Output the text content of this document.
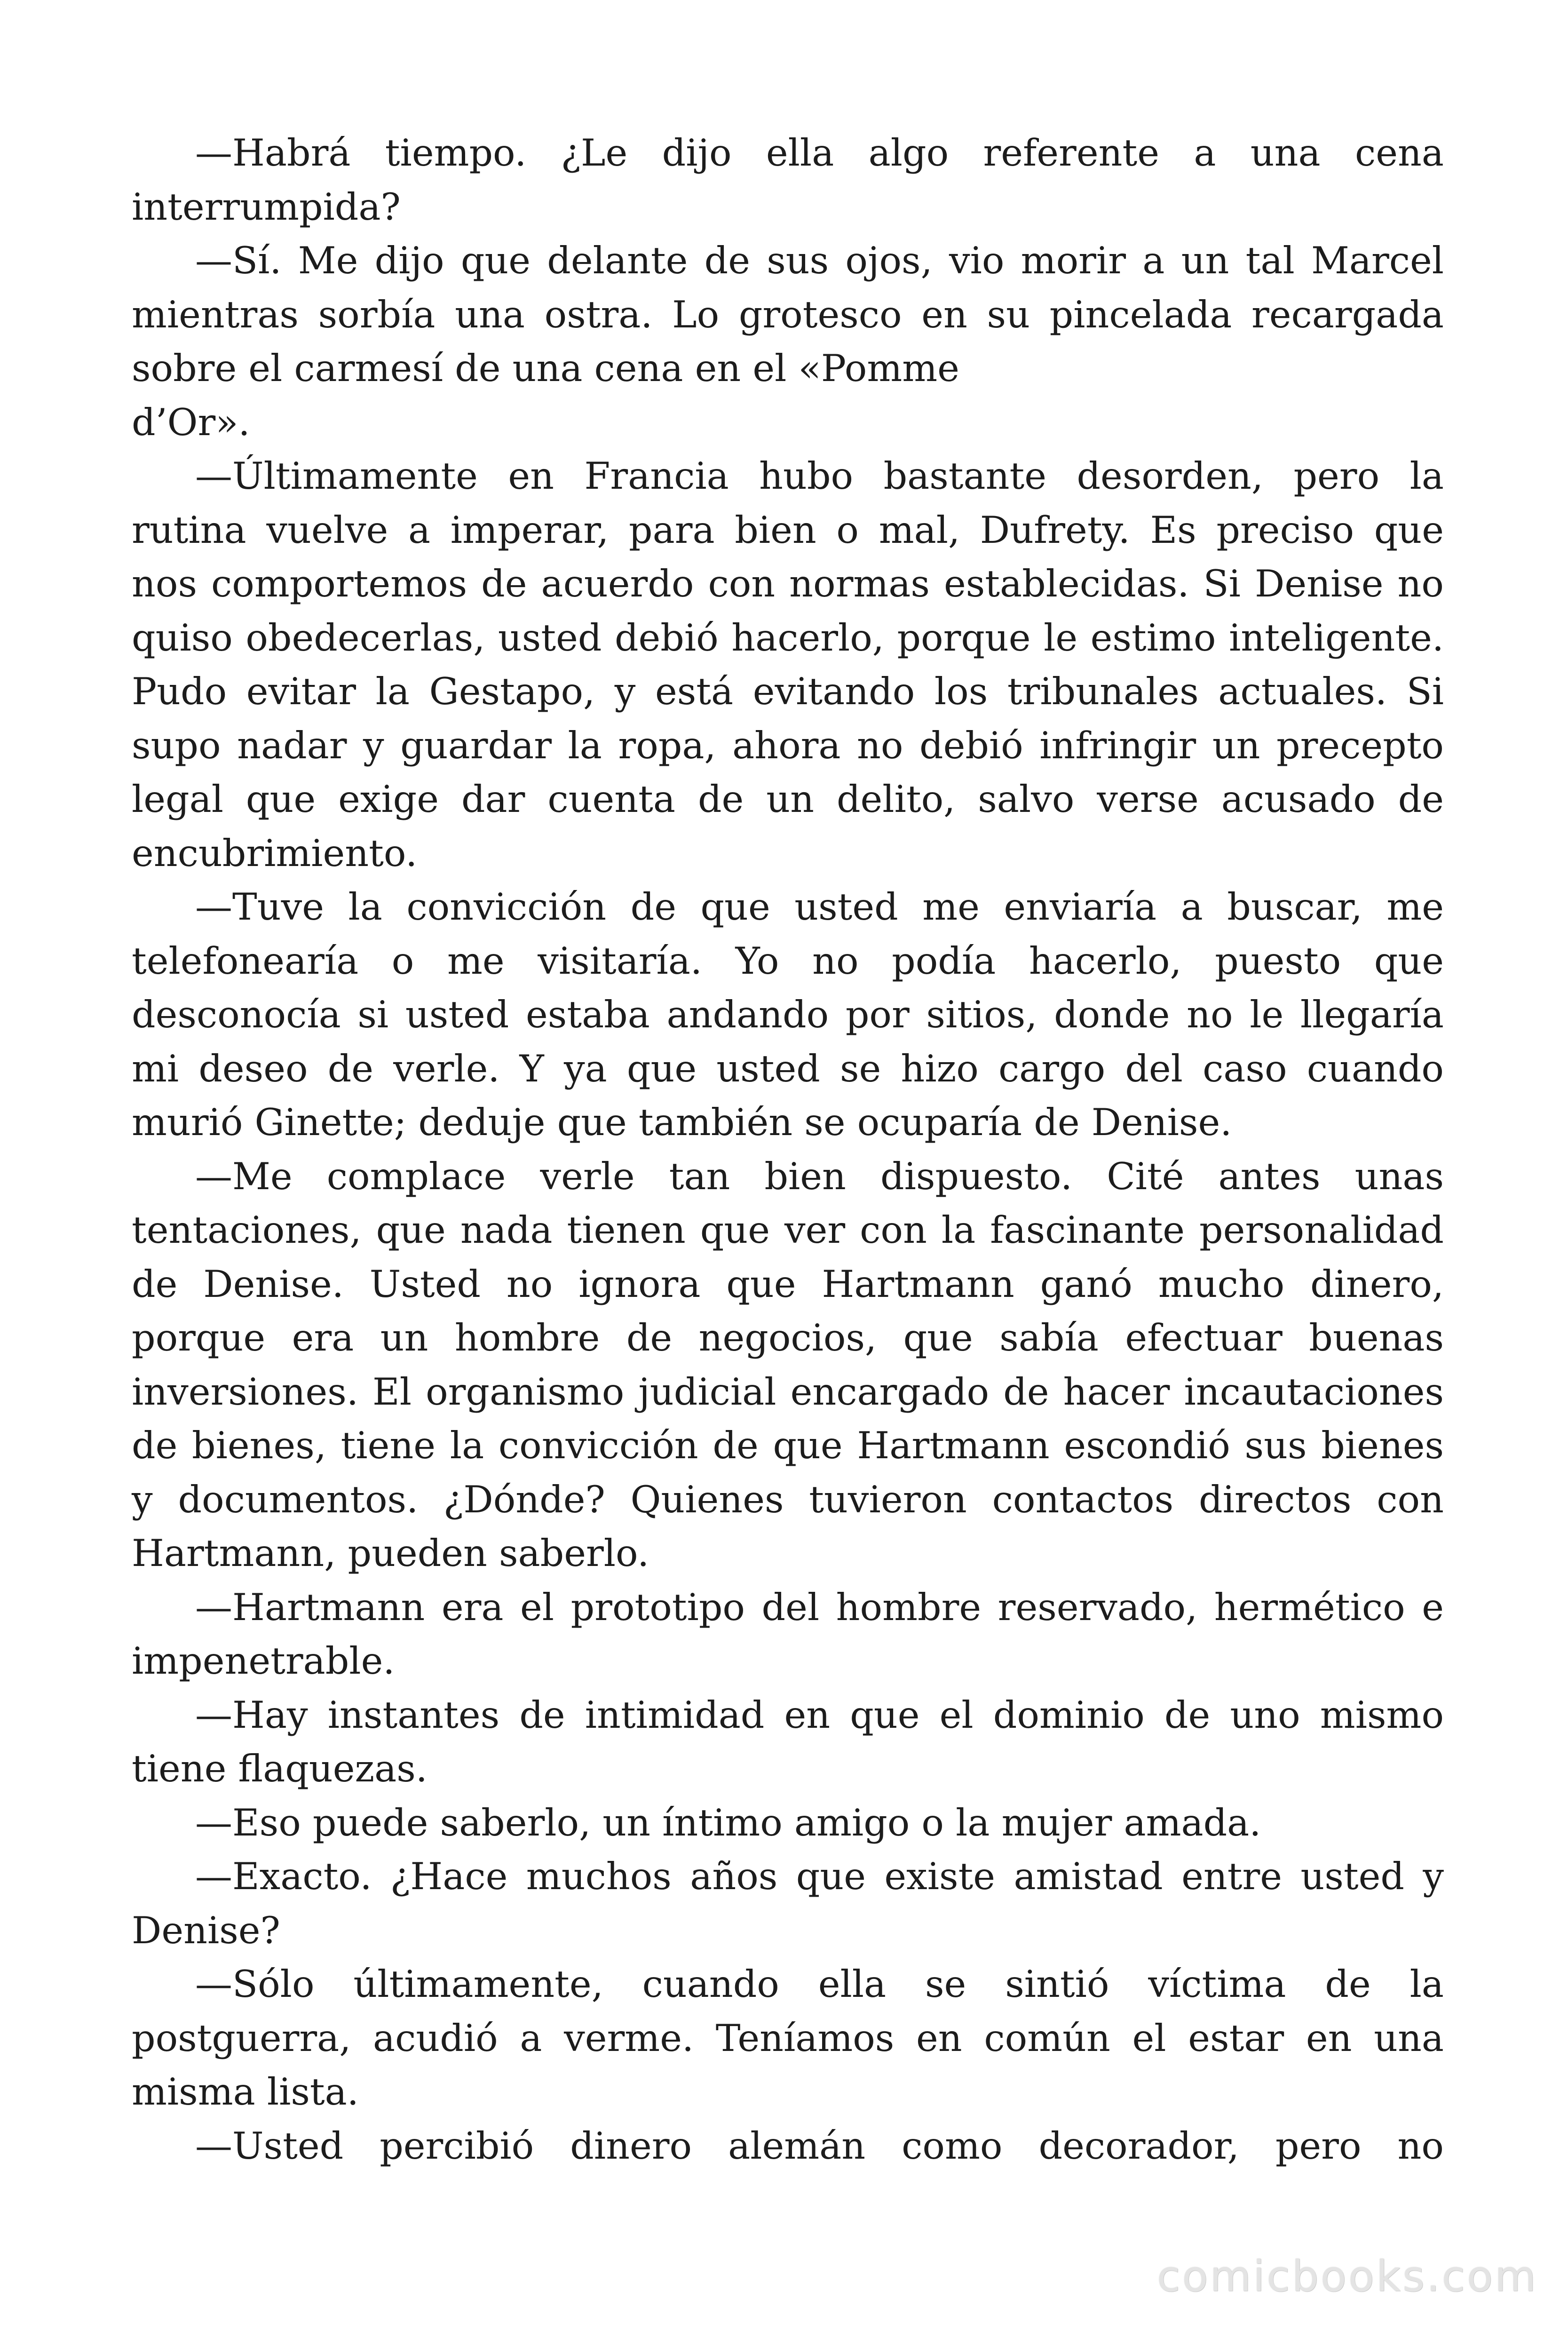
—Habrá tiempo. ¿Le dijo ella algo referente a una cena
interrumpida?

—Sí. Me dijo que delante de sus ojos, vio morir a un tal Marcel
mientras sorbía una ostra. Lo grotesco en su pincelada recargada
sobre el carmesí de una cena en el «Pomme
d’Or».

—Últimamente en Francia hubo bastante desorden, pero la
rutina vuelve a imperar, para bien o mal, Dufrety. Es preciso que
nos comportemos de acuerdo con normas establecidas. Si Denise no
quiso obedecerlas, usted debió hacerlo, porque le estimo inteligente.
Pudo evitar la Gestapo, y está evitando los tribunales actuales. Si
supo nadar y guardar la ropa, ahora no debió infringir un precepto
legal que exige dar cuenta de un delito, salvo verse acusado de
encubrimiento.

—Tuve la convicción de que usted me enviaría a buscar, me
telefonearía o me visitaría. Yo no podía hacerlo, puesto que
desconocía si usted estaba andando por sitios, donde no le llegaría
mi deseo de verle. Y ya que usted se hizo cargo del caso cuando
murió Ginette; deduje que también se ocuparía de Denise.

—Me complace verle tan bien dispuesto. Cité antes unas
tentaciones, que nada tienen que ver con la fascinante personalidad
de Denise. Usted no ignora que Hartmann ganó mucho dinero,
porque era un hombre de negocios, que sabía efectuar buenas
inversiones. El organismo judicial encargado de hacer incautaciones
de bienes, tiene la convicción de que Hartmann escondió sus bienes
y documentos. ¿Dónde? Quienes tuvieron contactos directos con
Hartmann, pueden saberlo.

—Hartmann era el prototipo del hombre reservado, hermético e
impenetrable.

—Hay instantes de intimidad en que el dominio de uno mismo
tiene flaquezas.

—Eso puede saberlo, un íntimo amigo o la mujer amada.

—Exacto. ¿Hace muchos años que existe amistad entre usted y
Denise?

—Sólo últimamente, cuando ella se sintió víctima de la
postguerra, acudió a verme. Teníamos en común el estar en una
misma lista.

—Usted percibió dinero alemán como decorador, pero no

comicbooks.com
